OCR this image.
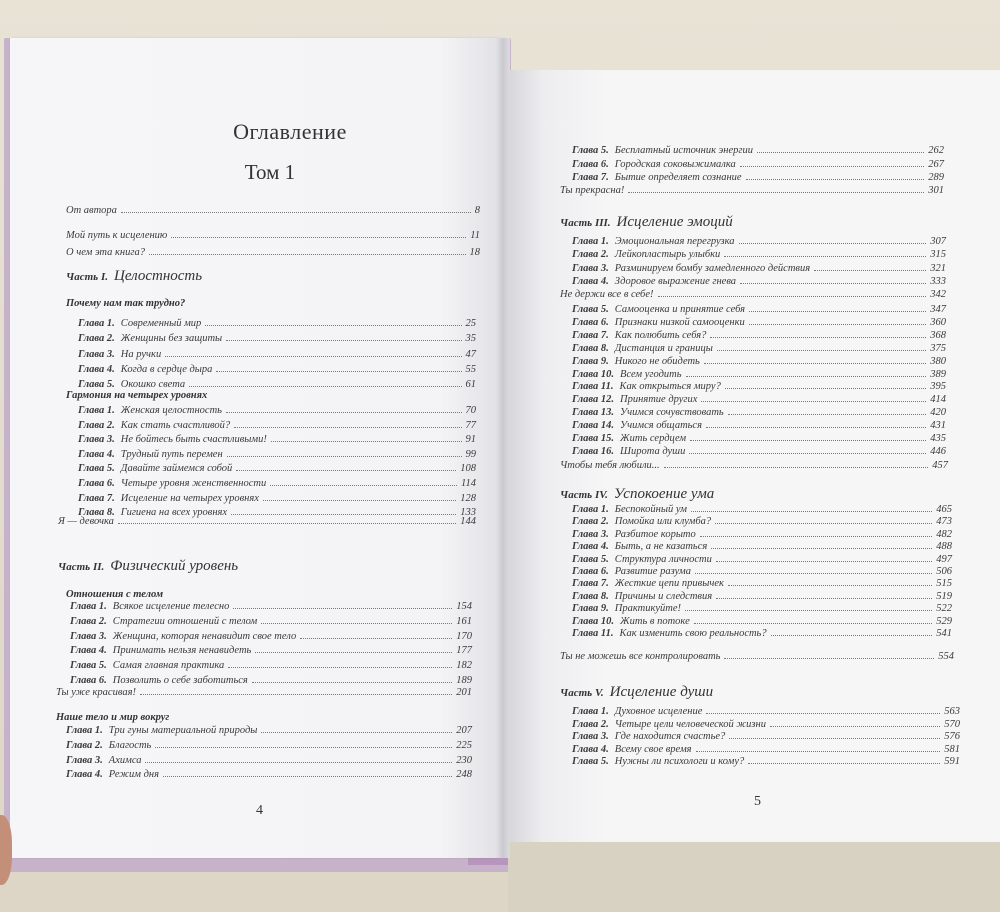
Оглавление
Том 1
От автора	8
Мой путь к исцелению	11
О чем эта книга?	18
Часть I. Целостность
Почему нам так трудно?
Глава 1. Современный мир	25
Глава 2. Женщины без защиты	35
Глава 3. На ручки	47
Глава 4. Когда в сердце дыра	55
Глава 5. Окошко света	61
Гармония на четырех уровнях
Глава 1. Женская целостность	70
Глава 2. Как стать счастливой?	77
Глава 3. Не бойтесь быть счастливыми!	91
Глава 4. Трудный путь перемен	99
Глава 5. Давайте займемся собой	108
Глава 6. Четыре уровня женственности	114
Глава 7. Исцеление на четырех уровнях	128
Глава 8. Гигиена на всех уровнях	133
Я — девочка	144
Часть II. Физический уровень
Отношения с телом
Глава 1. Всякое исцеление телесно	154
Глава 2. Стратегии отношений с телом	161
Глава 3. Женщина, которая ненавидит свое тело	170
Глава 4. Принимать нельзя ненавидеть	177
Глава 5. Самая главная практика	182
Глава 6. Позволить о себе заботиться	189
Ты уже красивая!	201
Наше тело и мир вокруг
Глава 1. Три гуны материальной природы	207
Глава 2. Благость	225
Глава 3. Ахимса	230
Глава 4. Режим дня	248
4
Глава 5. Бесплатный источник энергии	262
Глава 6. Городская соковыжималка	267
Глава 7. Бытие определяет сознание	289
Ты прекрасна!	301
Часть III. Исцеление эмоций
Глава 1. Эмоциональная перегрузка	307
Глава 2. Лейкопластырь улыбки	315
Глава 3. Разминируем бомбу замедленного действия	321
Глава 4. Здоровое выражение гнева	333
Не держи все в себе!	342
Глава 5. Самооценка и принятие себя	347
Глава 6. Признаки низкой самооценки	360
Глава 7. Как полюбить себя?	368
Глава 8. Дистанция и границы	375
Глава 9. Никого не обидеть	380
Глава 10. Всем угодить	389
Глава 11. Как открыться миру?	395
Глава 12. Принятие других	414
Глава 13. Учимся сочувствовать	420
Глава 14. Учимся общаться	431
Глава 15. Жить сердцем	435
Глава 16. Широта души	446
Чтобы тебя любили...	457
Часть IV. Успокоение ума
Глава 1. Беспокойный ум	465
Глава 2. Помойка или клумба?	473
Глава 3. Разбитое корыто	482
Глава 4. Быть, а не казаться	488
Глава 5. Структура личности	497
Глава 6. Развитие разума	506
Глава 7. Жесткие цепи привычек	515
Глава 8. Причины и следствия	519
Глава 9. Практикуйте!	522
Глава 10. Жить в потоке	529
Глава 11. Как изменить свою реальность?	541
Ты не можешь все контролировать	554
Часть V. Исцеление души
Глава 1. Духовное исцеление	563
Глава 2. Четыре цели человеческой жизни	570
Глава 3. Где находится счастье?	576
Глава 4. Всему свое время	581
Глава 5. Нужны ли психологи и кому?	591
5
